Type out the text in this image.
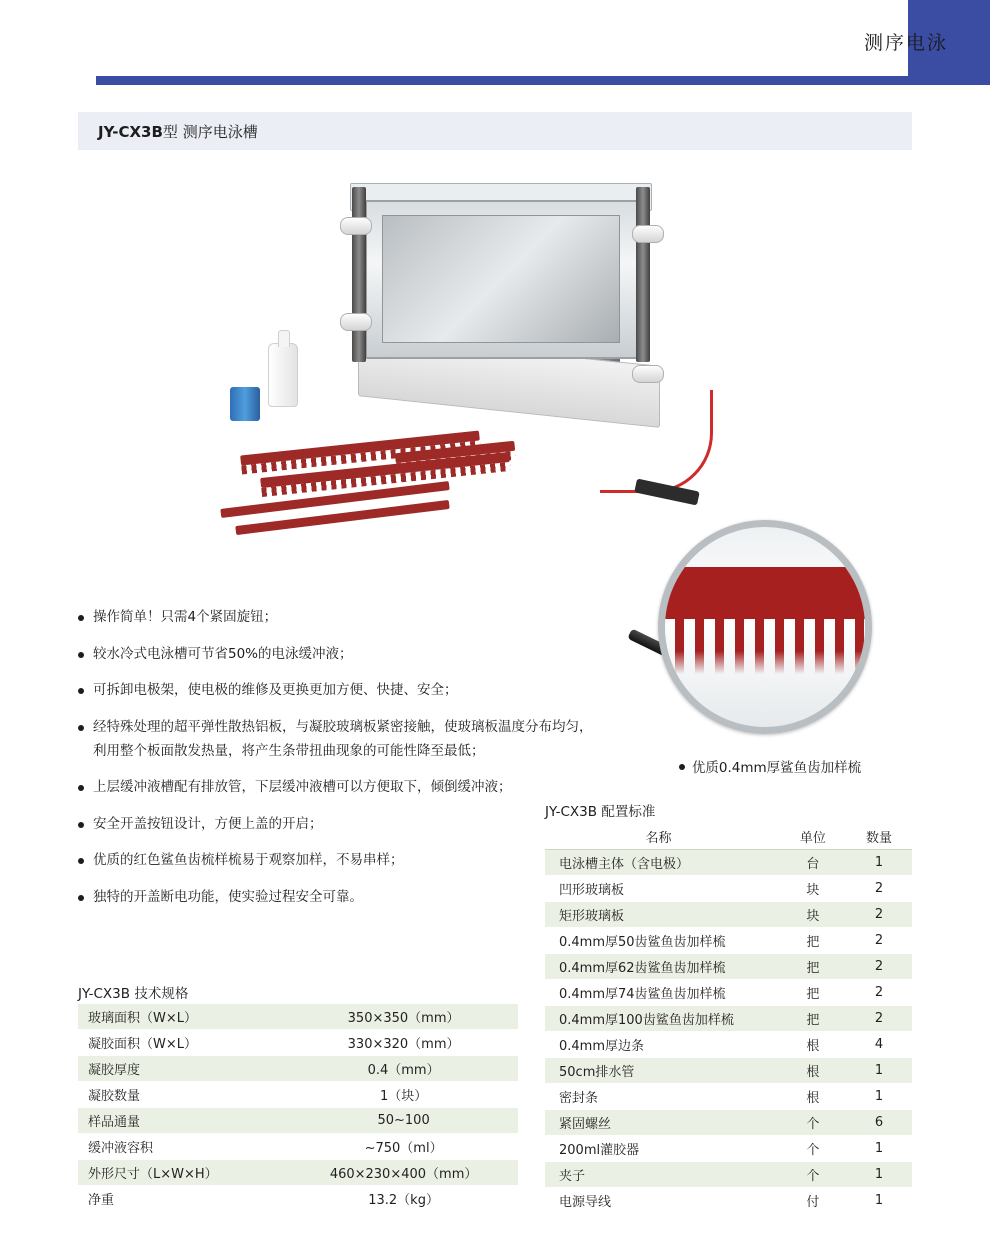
测序电泳
JY-CX3B型 测序电泳槽
优质0.4mm厚鲨鱼齿加样梳
操作简单！只需4个紧固旋钮；
较水冷式电泳槽可节省50%的电泳缓冲液；
可拆卸电极架，使电极的维修及更换更加方便、快捷、安全；
经特殊处理的超平弹性散热铝板，与凝胶玻璃板紧密接触，使玻璃板温度分布均匀，利用整个板面散发热量，将产生条带扭曲现象的可能性降至最低；
上层缓冲液槽配有排放管，下层缓冲液槽可以方便取下，倾倒缓冲液；
安全开盖按钮设计，方便上盖的开启；
优质的红色鲨鱼齿梳样梳易于观察加样，不易串样；
独特的开盖断电功能，使实验过程安全可靠。
JY-CX3B 技术规格
玻璃面积（W×L）	350×350（mm）
凝胶面积（W×L）	330×320（mm）
凝胶厚度	0.4（mm）
凝胶数量	1（块）
样品通量	50~100
缓冲液容积	~750（ml）
外形尺寸（L×W×H）	460×230×400（mm）
净重	13.2（kg）
JY-CX3B 配置标准
名称	单位	数量
电泳槽主体（含电极）	台	1
凹形玻璃板	块	2
矩形玻璃板	块	2
0.4mm厚50齿鲨鱼齿加样梳	把	2
0.4mm厚62齿鲨鱼齿加样梳	把	2
0.4mm厚74齿鲨鱼齿加样梳	把	2
0.4mm厚100齿鲨鱼齿加样梳	把	2
0.4mm厚边条	根	4
50cm排水管	根	1
密封条	根	1
紧固螺丝	个	6
200ml灌胶器	个	1
夹子	个	1
电源导线	付	1
